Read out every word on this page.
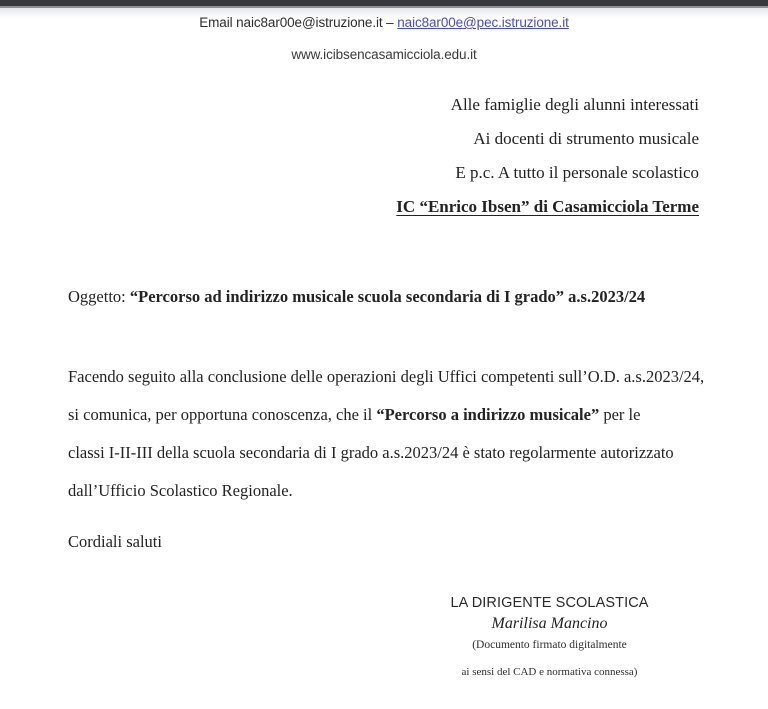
Email naic8ar00e@istruzione.it – naic8ar00e@pec.istruzione.it
www.icibsencasamicciola.edu.it
Alle famiglie degli alunni interessati
Ai docenti di strumento musicale
E p.c. A tutto il personale scolastico
IC “Enrico Ibsen” di Casamicciola Terme
Oggetto: “Percorso ad indirizzo musicale scuola secondaria di I grado” a.s.2023/24
Facendo seguito alla conclusione delle operazioni degli Uffici competenti sull’O.D. a.s.2023/24,
si comunica, per opportuna conoscenza, che il “Percorso a indirizzo musicale” per le
classi I-II-III della scuola secondaria di I grado a.s.2023/24 è stato regolarmente autorizzato
dall’Ufficio Scolastico Regionale.
Cordiali saluti
LA DIRIGENTE SCOLASTICA
Marilisa Mancino
(Documento firmato digitalmente
ai sensi del CAD e normativa connessa)
